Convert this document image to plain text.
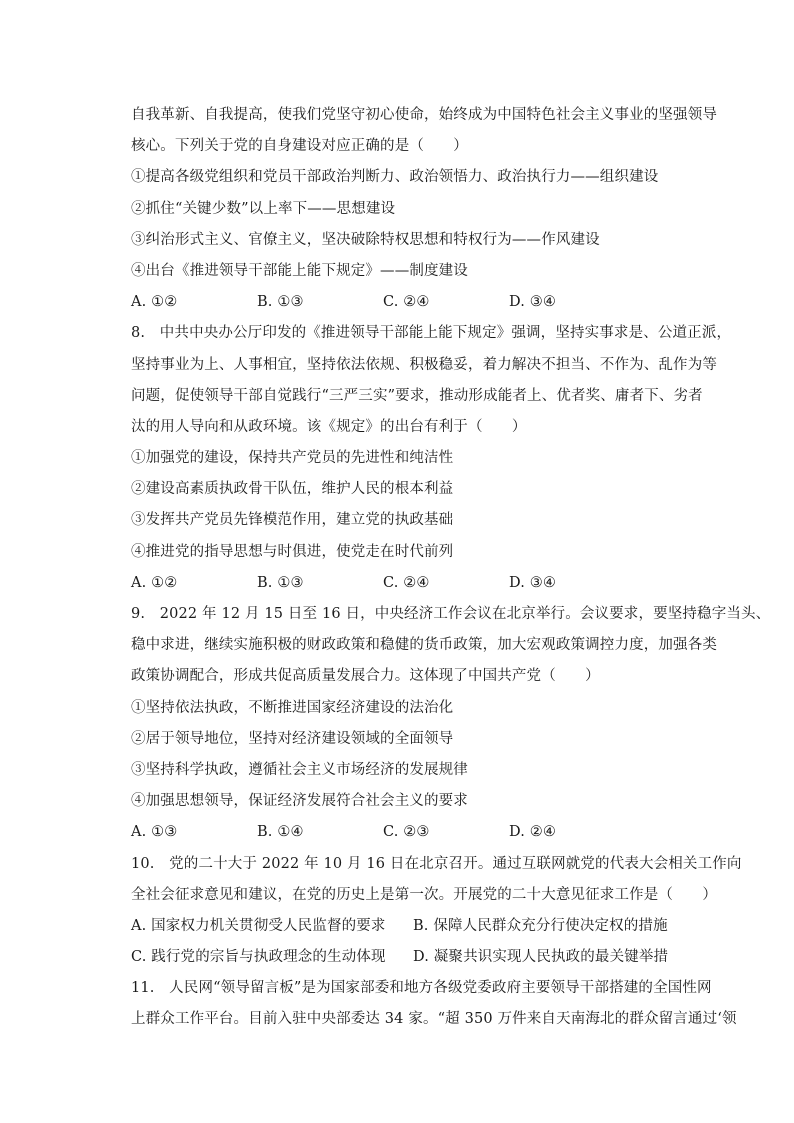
自我革新、自我提高，使我们党坚守初心使命，始终成为中国特色社会主义事业的坚强领导
核心。下列关于党的自身建设对应正确的是（　　）
①提高各级党组织和党员干部政治判断力、政治领悟力、政治执行力——组织建设
②抓住“关键少数”以上率下——思想建设
③纠治形式主义、官僚主义，坚决破除特权思想和特权行为——作风建设
④出台《推进领导干部能上能下规定》——制度建设
A. ①②	B. ①③	C. ②④	D. ③④
8.　中共中央办公厅印发的《推进领导干部能上能下规定》强调，坚持实事求是、公道正派，
坚持事业为上、人事相宜，坚持依法依规、积极稳妥，着力解决不担当、不作为、乱作为等
问题，促使领导干部自觉践行“三严三实”要求，推动形成能者上、优者奖、庸者下、劣者
汰的用人导向和从政环境。该《规定》的出台有利于（　　）
①加强党的建设，保持共产党员的先进性和纯洁性
②建设高素质执政骨干队伍，维护人民的根本利益
③发挥共产党员先锋模范作用，建立党的执政基础
④推进党的指导思想与时俱进，使党走在时代前列
A. ①②	B. ①③	C. ②④	D. ③④
9.　2022 年 12 月 15 日至 16 日，中央经济工作会议在北京举行。会议要求，要坚持稳字当头、
稳中求进，继续实施积极的财政政策和稳健的货币政策，加大宏观政策调控力度，加强各类
政策协调配合，形成共促高质量发展合力。这体现了中国共产党（　　）
①坚持依法执政，不断推进国家经济建设的法治化
②居于领导地位，坚持对经济建设领域的全面领导
③坚持科学执政，遵循社会主义市场经济的发展规律
④加强思想领导，保证经济发展符合社会主义的要求
A. ①③	B. ①④	C. ②③	D. ②④
10.　党的二十大于 2022 年 10 月 16 日在北京召开。通过互联网就党的代表大会相关工作向
全社会征求意见和建议，在党的历史上是第一次。开展党的二十大意见征求工作是（　　）
A. 国家权力机关贯彻受人民监督的要求	B. 保障人民群众充分行使决定权的措施
C. 践行党的宗旨与执政理念的生动体现	D. 凝聚共识实现人民执政的最关键举措
11.　人民网“领导留言板”是为国家部委和地方各级党委政府主要领导干部搭建的全国性网
上群众工作平台。目前入驻中央部委达 34 家。“超 350 万件来自天南海北的群众留言通过‘领
